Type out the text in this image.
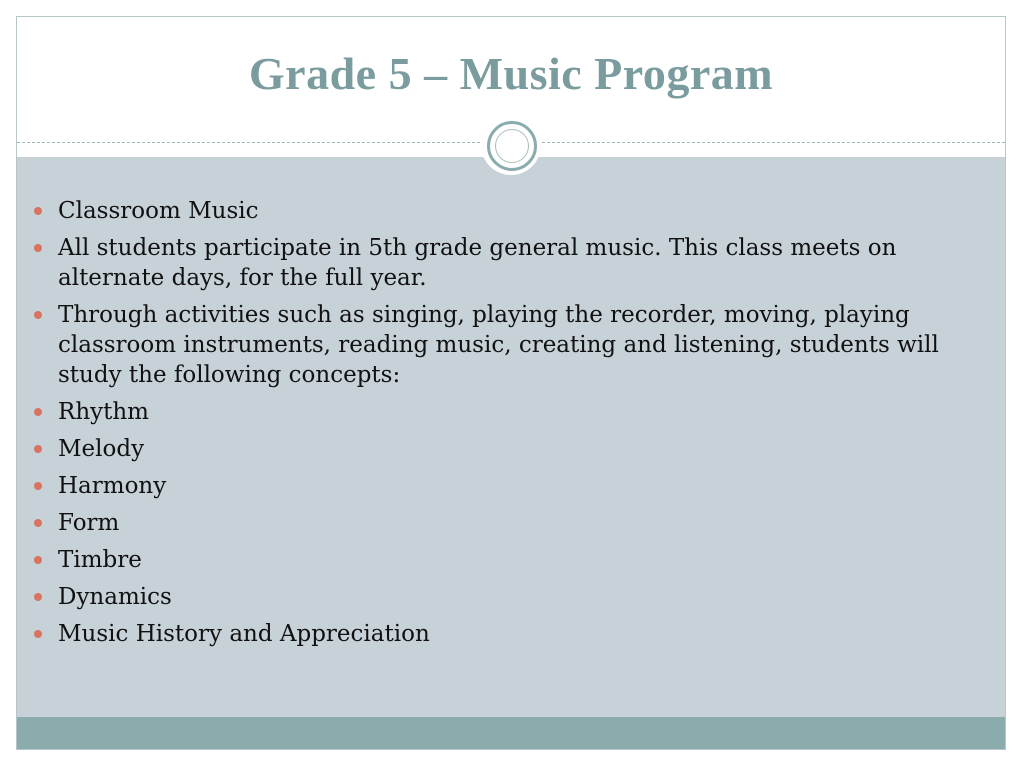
Grade 5 – Music Program
Classroom Music
All students participate in 5th grade general music. This class meets on alternate days, for the full year.
Through activities such as singing, playing the recorder, moving, playing classroom instruments, reading music, creating and listening, students will study the following concepts:
Rhythm
Melody
Harmony
Form
Timbre
Dynamics
Music History and Appreciation
